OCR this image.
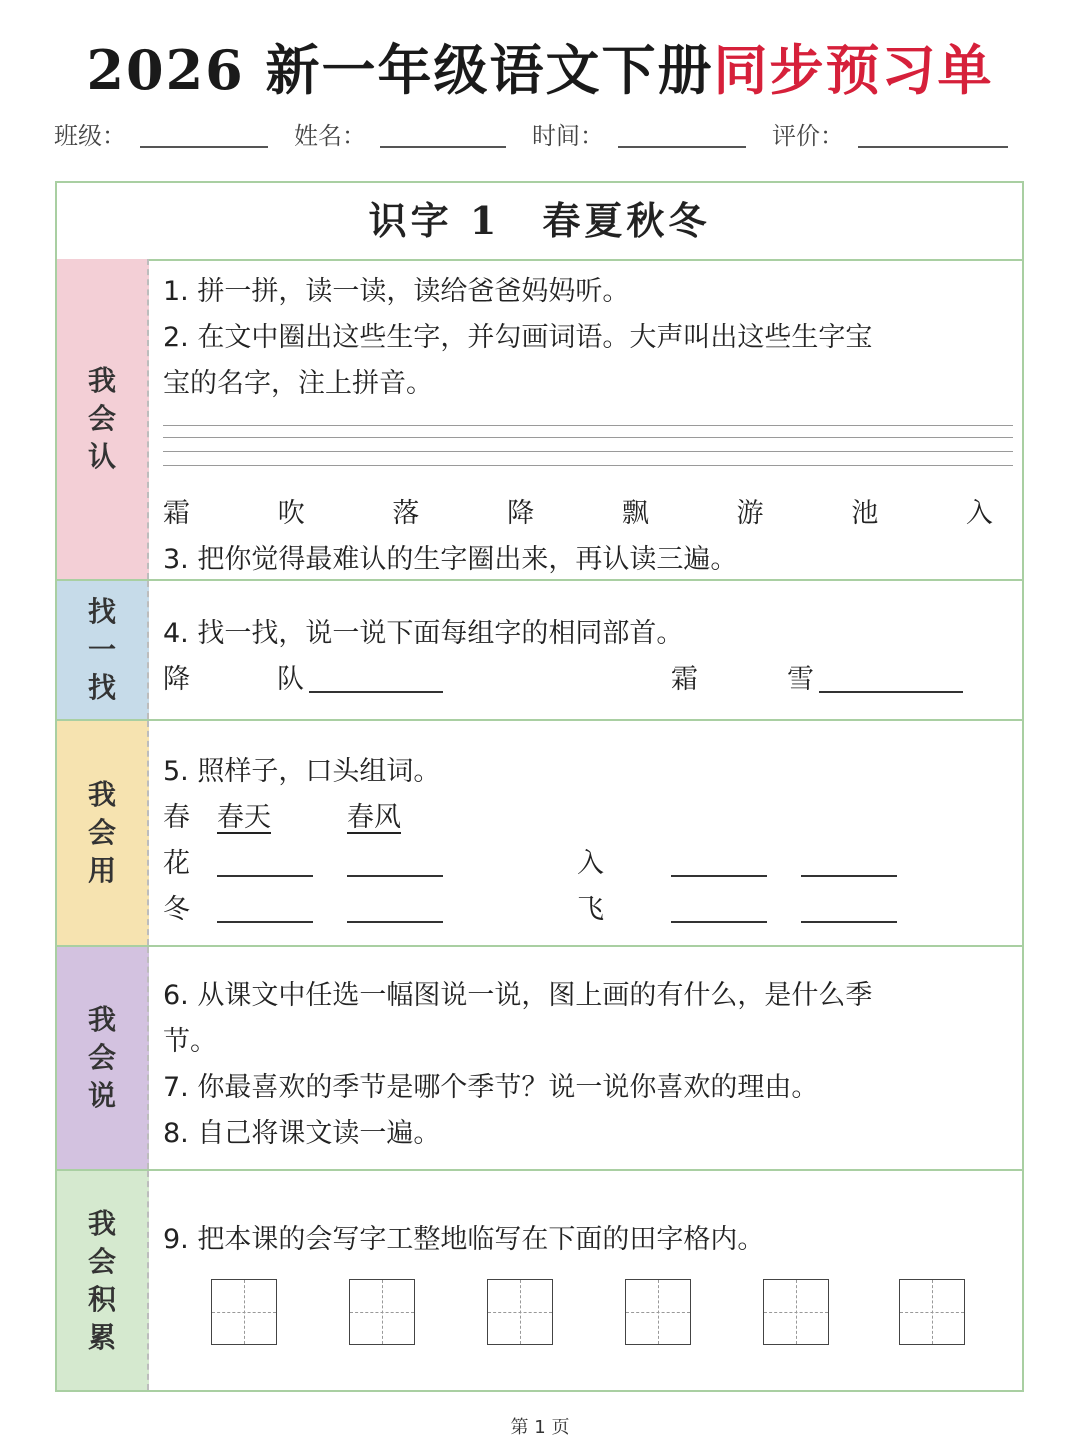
2026 新一年级语文下册同步预习单
班级：	姓名：	时间：	评价：
识字 1　春夏秋冬
我
会
认
1. 拼一拼，读一读，读给爸爸妈妈听。
2. 在文中圈出这些生字，并勾画词语。大声叫出这些生字宝
宝的名字，注上拼音。
霜	吹	落	降	飘	游	池	入
3. 把你觉得最难认的生字圈出来，再认读三遍。
找
一
找
4. 找一找，说一说下面每组字的相同部首。
降	队	霜	雪
我
会
用
5. 照样子，口头组词。
春 春天	春风
花	入
冬	飞
我
会
说
6. 从课文中任选一幅图说一说，图上画的有什么，是什么季
节。
7. 你最喜欢的季节是哪个季节？说一说你喜欢的理由。
8. 自己将课文读一遍。
我
会
积
累
9. 把本课的会写字工整地临写在下面的田字格内。
第 1 页
